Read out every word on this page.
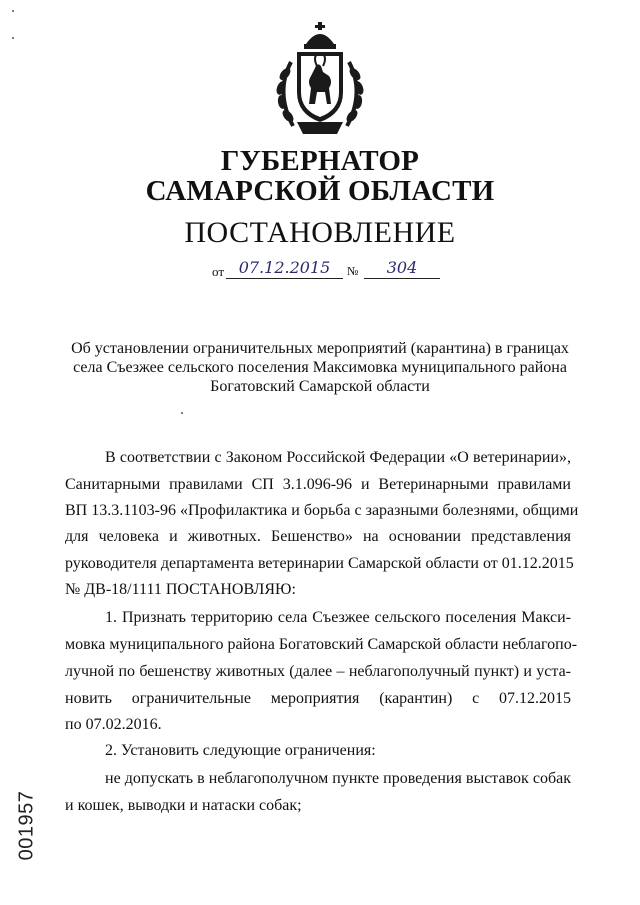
ГУБЕРНАТОР
САМАРСКОЙ ОБЛАСТИ
ПОСТАНОВЛЕНИЕ
от 07.12.2015	№	304
Об установлении ограничительных мероприятий (карантина) в границах
села Съезжее сельского поселения Максимовка муниципального района
Богатовский Самарской области
В соответствии с Законом Российской Федерации «О ветеринарии»,
Санитарными правилами СП 3.1.096-96 и Ветеринарными правилами
ВП 13.3.1103-96 «Профилактика и борьба с заразными болезнями, общими
для человека и животных. Бешенство» на основании представления
руководителя департамента ветеринарии Самарской области от 01.12.2015
№ ДВ-18/1111 ПОСТАНОВЛЯЮ:
1. Признать территорию села Съезжее сельского поселения Макси-
мовка муниципального района Богатовский Самарской области неблагопо-
лучной по бешенству животных (далее – неблагополучный пункт) и уста-
новить ограничительные мероприятия (карантин) с 07.12.2015
по 07.02.2016.
2. Установить следующие ограничения:
не допускать в неблагополучном пункте проведения выставок собак
и кошек, выводки и натаски собак;
001957
